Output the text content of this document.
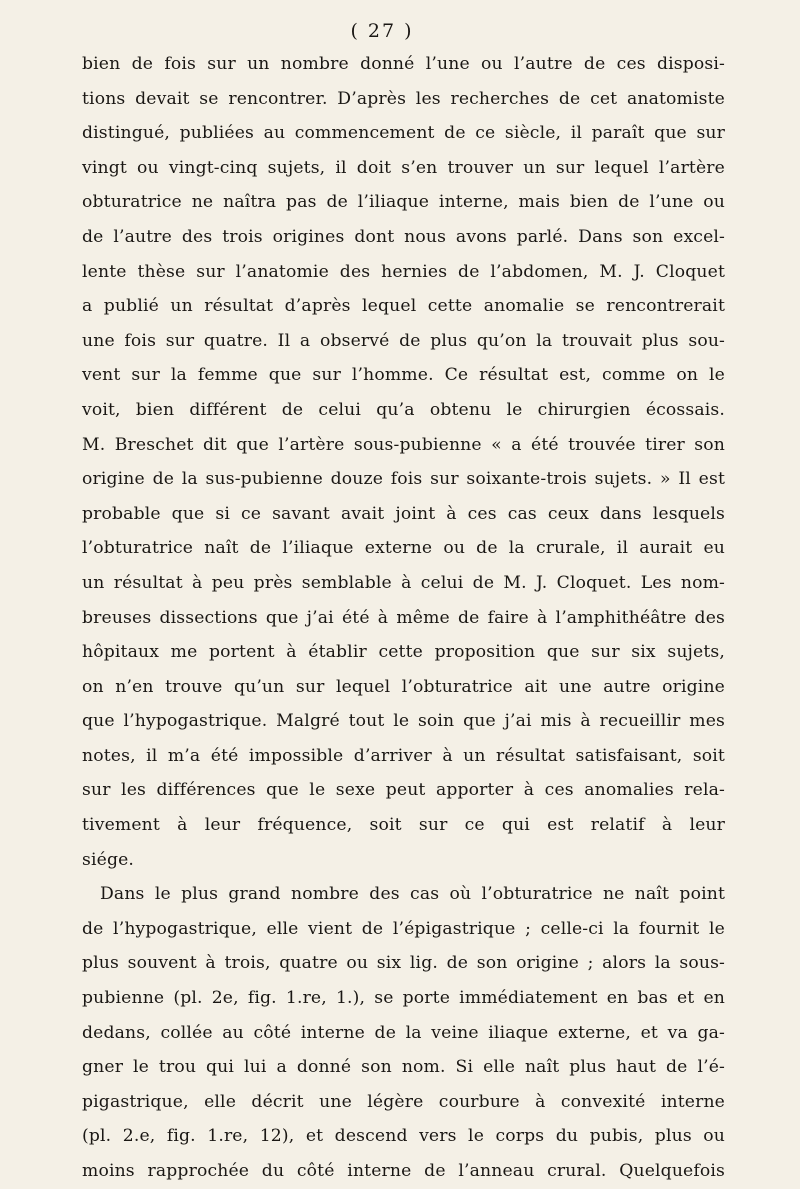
( 27 )
bien de fois sur un nombre donné l’une ou l’autre de ces disposi-
tions devait se rencontrer. D’après les recherches de cet anatomiste
distingué, publiées au commencement de ce siècle, il paraît que sur
vingt ou vingt-cinq sujets, il doit s’en trouver un sur lequel l’artère
obturatrice ne naîtra pas de l’iliaque interne, mais bien de l’une ou
de l’autre des trois origines dont nous avons parlé. Dans son excel-
lente thèse sur l’anatomie des hernies de l’abdomen, M. J. Cloquet
a publié un résultat d’après lequel cette anomalie se rencontrerait
une fois sur quatre. Il a observé de plus qu’on la trouvait plus sou-
vent sur la femme que sur l’homme. Ce résultat est, comme on le
voit, bien différent de celui qu’a obtenu le chirurgien écossais.
M. Breschet dit que l’artère sous-pubienne « a été trouvée tirer son
origine de la sus-pubienne douze fois sur soixante-trois sujets. » Il est
probable que si ce savant avait joint à ces cas ceux dans lesquels
l’obturatrice naît de l’iliaque externe ou de la crurale, il aurait eu
un résultat à peu près semblable à celui de M. J. Cloquet. Les nom-
breuses dissections que j’ai été à même de faire à l’amphithéâtre des
hôpitaux me portent à établir cette proposition que sur six sujets,
on n’en trouve qu’un sur lequel l’obturatrice ait une autre origine
que l’hypogastrique. Malgré tout le soin que j’ai mis à recueillir mes
notes, il m’a été impossible d’arriver à un résultat satisfaisant, soit
sur les différences que le sexe peut apporter à ces anomalies rela-
tivement à leur fréquence, soit sur ce qui est relatif à leur
siége.
Dans le plus grand nombre des cas où l’obturatrice ne naît point
de l’hypogastrique, elle vient de l’épigastrique ; celle-ci la fournit le
plus souvent à trois, quatre ou six lig. de son origine ; alors la sous-
pubienne (pl. 2e, fig. 1.re, 1.), se porte immédiatement en bas et en
dedans, collée au côté interne de la veine iliaque externe, et va ga-
gner le trou qui lui a donné son nom. Si elle naît plus haut de l’é-
pigastrique, elle décrit une légère courbure à convexité interne
(pl. 2.e, fig. 1.re, 12), et descend vers le corps du pubis, plus ou
moins rapprochée du côté interne de l’anneau crural. Quelquefois
